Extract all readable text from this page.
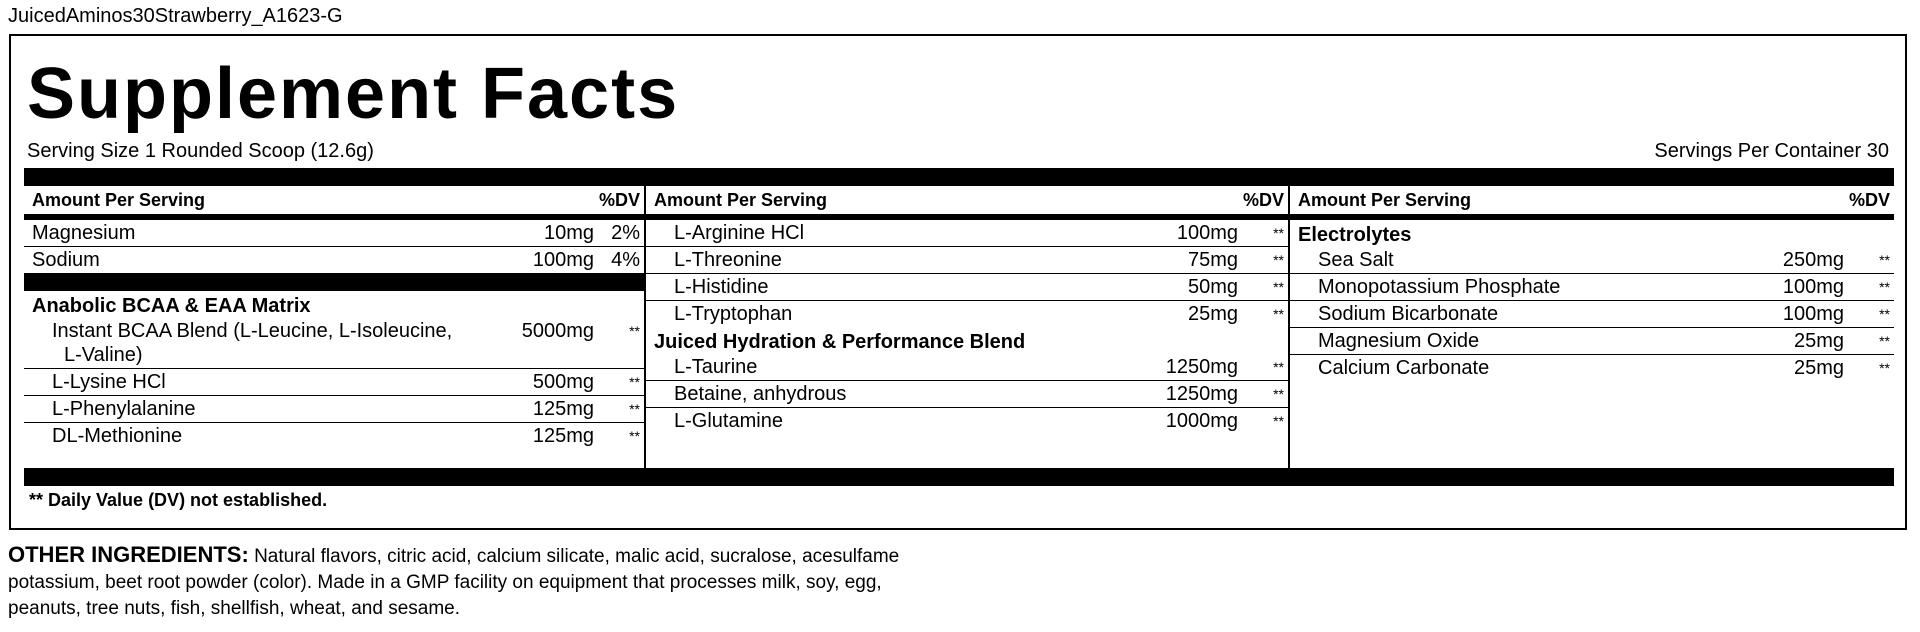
JuicedAminos30Strawberry_A1623-G
Supplement Facts
Serving Size 1 Rounded Scoop (12.6g)	Servings Per Container 30
Amount Per Serving	%DV
Magnesium	10mg 2%
Sodium	100mg 4%
Anabolic BCAA & EAA Matrix
Instant BCAA Blend (L-Leucine, L-Isoleucine,
L-Valine)
5000mg	**
L-Lysine HCl	500mg	**
L-Phenylalanine	125mg	**
DL-Methionine	125mg	**
Amount Per Serving	%DV
L-Arginine HCl	100mg	**
L-Threonine	75mg	**
L-Histidine	50mg	**
L-Tryptophan	25mg	**
Juiced Hydration & Performance Blend
L-Taurine	1250mg	**
Betaine, anhydrous	1250mg	**
L-Glutamine	1000mg	**
Amount Per Serving	%DV
Electrolytes
Sea Salt	250mg	**
Monopotassium Phosphate	100mg	**
Sodium Bicarbonate	100mg	**
Magnesium Oxide	25mg	**
Calcium Carbonate	25mg	**
** Daily Value (DV) not established.
OTHER INGREDIENTS: Natural flavors, citric acid, calcium silicate, malic acid, sucralose, acesulfame potassium, beet root powder (color). Made in a GMP facility on equipment that processes milk, soy, egg, peanuts, tree nuts, fish, shellfish, wheat, and sesame.
